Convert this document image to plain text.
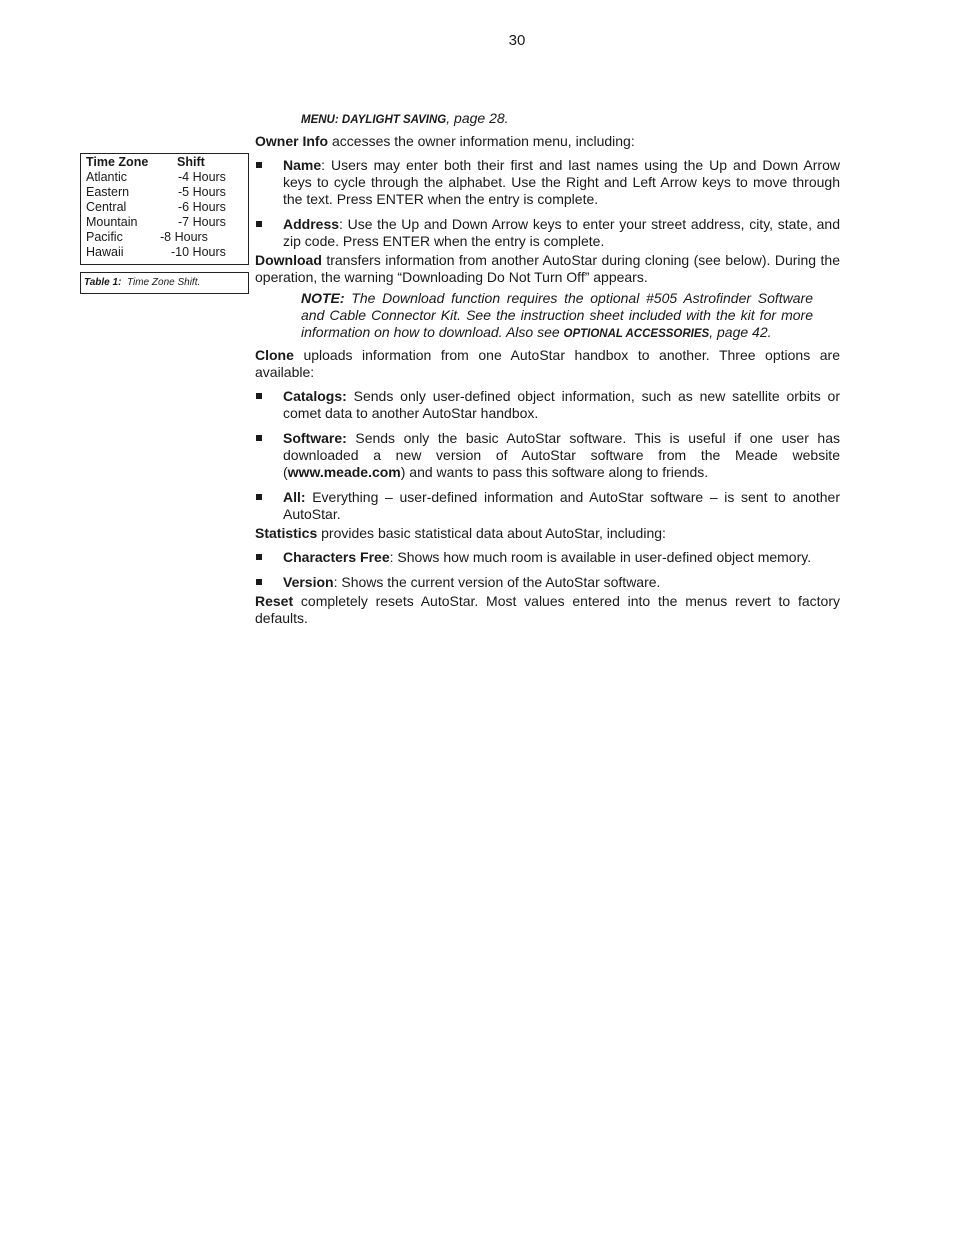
30
Time Zone	Shift
Atlantic	-4 Hours
Eastern	-5 Hours
Central	-6 Hours
Mountain	-7 Hours
Pacific	-8 Hours
Hawaii	-10 Hours
Table 1: Time Zone Shift.
MENU: DAYLIGHT SAVING, page 28.

Owner Info accesses the owner information menu, including:

Name: Users may enter both their first and last names using the Up and Down Arrow keys to cycle through the alphabet. Use the Right and Left Arrow keys to move through the text. Press ENTER when the entry is complete.
Address: Use the Up and Down Arrow keys to enter your street address, city, state, and zip code. Press ENTER when the entry is complete.

Download transfers information from another AutoStar during cloning (see below). During the operation, the warning “Downloading Do Not Turn Off” appears.

NOTE: The Download function requires the optional #505 Astrofinder Software and Cable Connector Kit. See the instruction sheet included with the kit for more information on how to download. Also see OPTIONAL ACCESSORIES, page 42.

Clone uploads information from one AutoStar handbox to another. Three options are available:

Catalogs: Sends only user-defined object information, such as new satellite orbits or comet data to another AutoStar handbox.
Software: Sends only the basic AutoStar software. This is useful if one user has downloaded a new version of AutoStar software from the Meade website (www.meade.com) and wants to pass this software along to friends.
All: Everything – user-defined information and AutoStar software – is sent to another AutoStar.

Statistics provides basic statistical data about AutoStar, including:

Characters Free: Shows how much room is available in user-defined object memory.
Version: Shows the current version of the AutoStar software.

Reset completely resets AutoStar. Most values entered into the menus revert to factory defaults.
